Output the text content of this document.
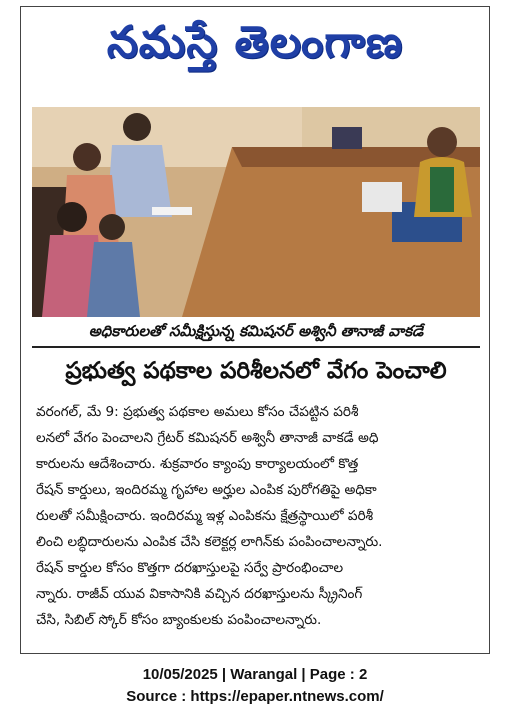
నమస్తే తెలంగాణ
అధికారులతో సమీక్షిస్తున్న కమిషనర్ అశ్వినీ తానాజీ వాకడే
ప్రభుత్వ పథకాల పరిశీలనలో వేగం పెంచాలి
వరంగల్, మే 9: ప్రభుత్వ పథకాల అమలు కోసం చేపట్టిన పరిశీ
లనలో వేగం పెంచాలని గ్రేటర్ కమిషనర్ అశ్వినీ తానాజీ వాకడే అధి
కారులను ఆదేశించారు. శుక్రవారం క్యాంపు కార్యాలయంలో కొత్త
రేషన్ కార్డులు, ఇందిరమ్మ గృహాల అర్హుల ఎంపిక పురోగతిపై అధికా
రులతో సమీక్షించారు. ఇందిరమ్మ ఇళ్ల ఎంపికను క్షేత్రస్థాయిలో పరిశీ
లించి లబ్ధిదారులను ఎంపిక చేసి కలెక్టర్ల లాగిన్‌కు పంపించాలన్నారు.
రేషన్ కార్డుల కోసం కొత్తగా దరఖాస్తులపై సర్వే ప్రారంభించాల
న్నారు. రాజీవ్ యువ వికాసానికి వచ్చిన దరఖాస్తులను స్క్రీనింగ్
చేసి, సిబిల్ స్కోర్ కోసం బ్యాంకులకు పంపించాలన్నారు.
10/05/2025 | Warangal | Page : 2
Source : https://epaper.ntnews.com/
